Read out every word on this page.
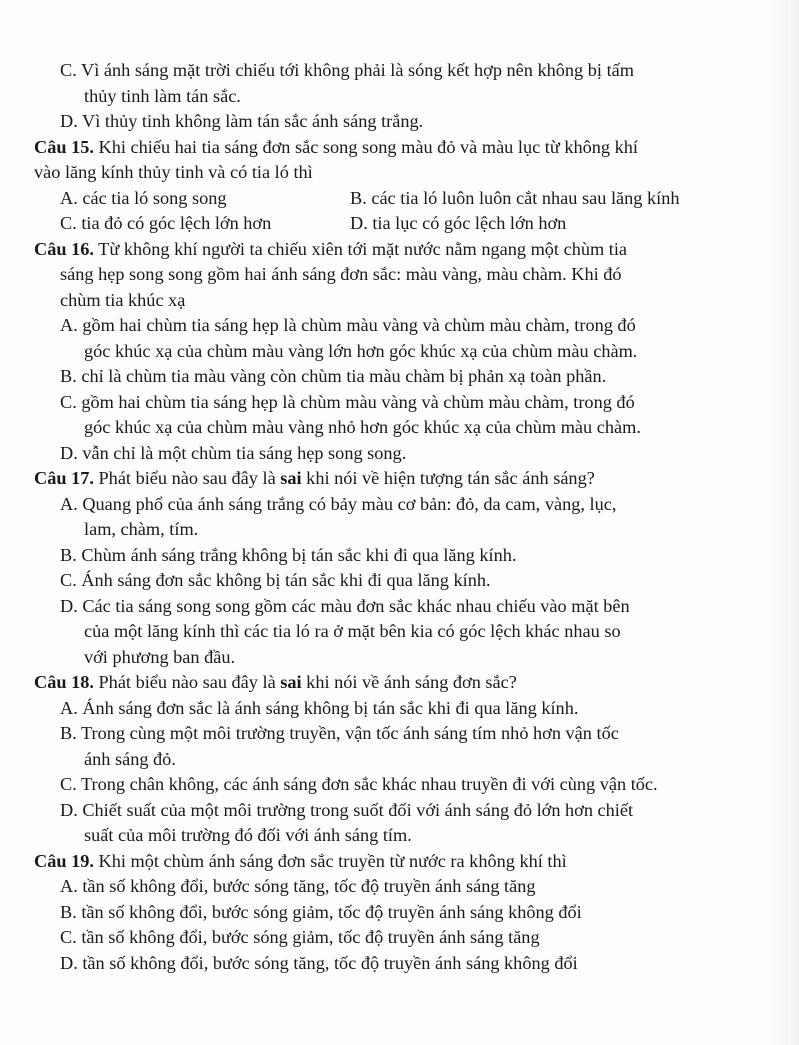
C. Vì ánh sáng mặt trời chiếu tới không phải là sóng kết hợp nên không bị tấm
thủy tinh làm tán sắc.
D. Vì thủy tinh không làm tán sắc ánh sáng trắng.
Câu 15. Khi chiếu hai tia sáng đơn sắc song song màu đỏ và màu lục từ không khí
vào lăng kính thủy tinh và có tia ló thì
A. các tia ló song song	B. các tia ló luôn luôn cắt nhau sau lăng kính
C. tia đỏ có góc lệch lớn hơn	D. tia lục có góc lệch lớn hơn
Câu 16. Từ không khí người ta chiếu xiên tới mặt nước nằm ngang một chùm tia
sáng hẹp song song gồm hai ánh sáng đơn sắc: màu vàng, màu chàm. Khi đó
chùm tia khúc xạ
A. gồm hai chùm tia sáng hẹp là chùm màu vàng và chùm màu chàm, trong đó
góc khúc xạ của chùm màu vàng lớn hơn góc khúc xạ của chùm màu chàm.
B. chỉ là chùm tia màu vàng còn chùm tia màu chàm bị phản xạ toàn phần.
C. gồm hai chùm tia sáng hẹp là chùm màu vàng và chùm màu chàm, trong đó
góc khúc xạ của chùm màu vàng nhỏ hơn góc khúc xạ của chùm màu chàm.
D. vẫn chỉ là một chùm tia sáng hẹp song song.
Câu 17. Phát biểu nào sau đây là sai khi nói về hiện tượng tán sắc ánh sáng?
A. Quang phổ của ánh sáng trắng có bảy màu cơ bản: đỏ, da cam, vàng, lục,
lam, chàm, tím.
B. Chùm ánh sáng trắng không bị tán sắc khi đi qua lăng kính.
C. Ánh sáng đơn sắc không bị tán sắc khi đi qua lăng kính.
D. Các tia sáng song song gồm các màu đơn sắc khác nhau chiếu vào mặt bên
của một lăng kính thì các tia ló ra ở mặt bên kia có góc lệch khác nhau so
với phương ban đầu.
Câu 18. Phát biểu nào sau đây là sai khi nói về ánh sáng đơn sắc?
A. Ánh sáng đơn sắc là ánh sáng không bị tán sắc khi đi qua lăng kính.
B. Trong cùng một môi trường truyền, vận tốc ánh sáng tím nhỏ hơn vận tốc
ánh sáng đỏ.
C. Trong chân không, các ánh sáng đơn sắc khác nhau truyền đi với cùng vận tốc.
D. Chiết suất của một môi trường trong suốt đối với ánh sáng đỏ lớn hơn chiết
suất của môi trường đó đối với ánh sáng tím.
Câu 19. Khi một chùm ánh sáng đơn sắc truyền từ nước ra không khí thì
A. tần số không đổi, bước sóng tăng, tốc độ truyền ánh sáng tăng
B. tần số không đổi, bước sóng giảm, tốc độ truyền ánh sáng không đổi
C. tần số không đổi, bước sóng giảm, tốc độ truyền ánh sáng tăng
D. tần số không đổi, bước sóng tăng, tốc độ truyền ánh sáng không đổi
